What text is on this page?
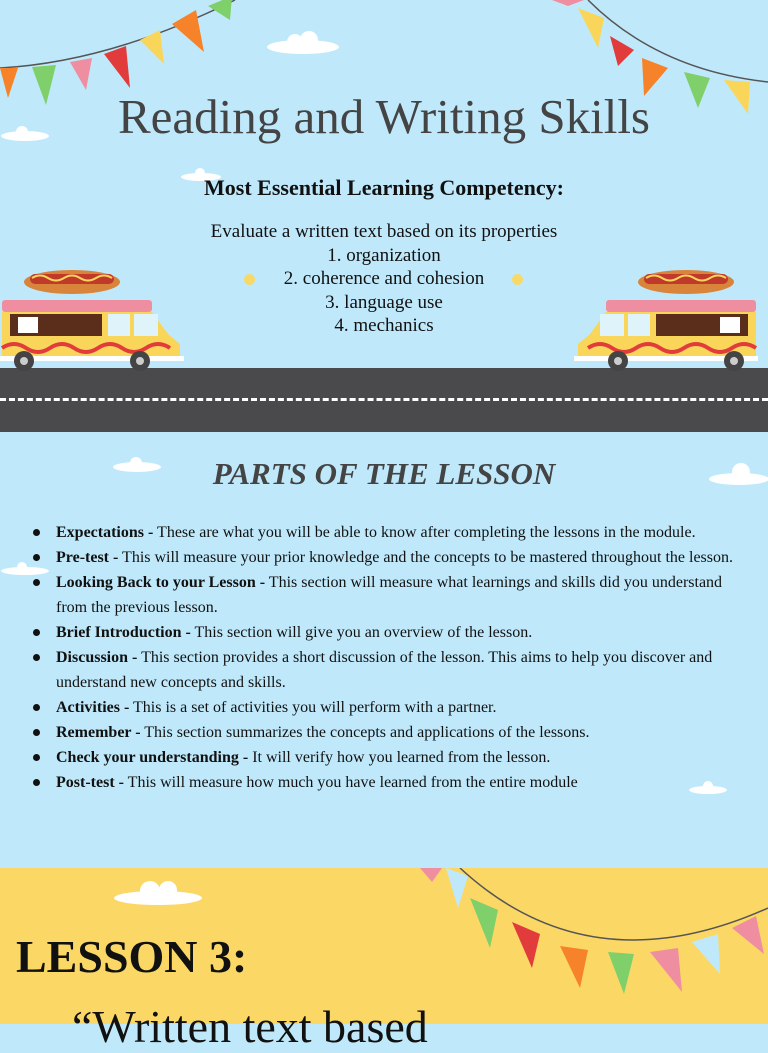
Reading and Writing Skills
Most Essential Learning Competency:
Evaluate a written text based on its properties
1. organization
2. coherence and cohesion
3. language use
4. mechanics
PARTS OF THE LESSON
Expectations - These are what you will be able to know after completing the lessons in the module.
Pre-test - This will measure your prior knowledge and the concepts to be mastered throughout the lesson.
Looking Back to your Lesson - This section will measure what learnings and skills did you understand from the previous lesson.
Brief Introduction - This section will give you an overview of the lesson.
Discussion - This section provides a short discussion of the lesson. This aims to help you discover and understand new concepts and skills.
Activities - This is a set of activities you will perform with a partner.
Remember - This section summarizes the concepts and applications of the lessons.
Check your understanding - It will verify how you learned from the lesson.
Post-test - This will measure how much you have learned from the entire module
LESSON 3:
“Written text based
